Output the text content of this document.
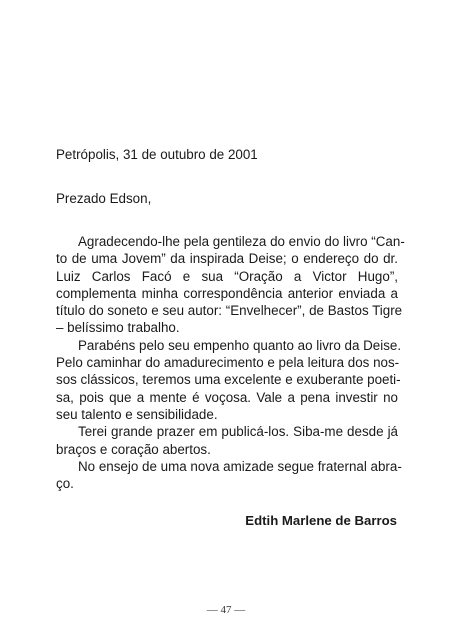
Petrópolis, 31 de outubro de 2001
Prezado Edson,
Agradecendo-lhe pela gentileza do envio do livro “Can-
to de uma Jovem” da inspirada Deise; o endereço do dr.
Luiz Carlos Facó e sua “Oração a Victor Hugo”,
complementa minha correspondência anterior enviada a
título do soneto e seu autor: “Envelhecer”, de Bastos Tigre
– belíssimo trabalho.
Parabéns pelo seu empenho quanto ao livro da Deise.
Pelo caminhar do amadurecimento e pela leitura dos nos-
sos clássicos, teremos uma excelente e exuberante poeti-
sa, pois que a mente é voçosa. Vale a pena investir no
seu talento e sensibilidade.
Terei grande prazer em publicá-los. Siba-me desde já
braços e coração abertos.
No ensejo de uma nova amizade segue fraternal abra-
ço.
Edtih Marlene de Barros
— 47 —
